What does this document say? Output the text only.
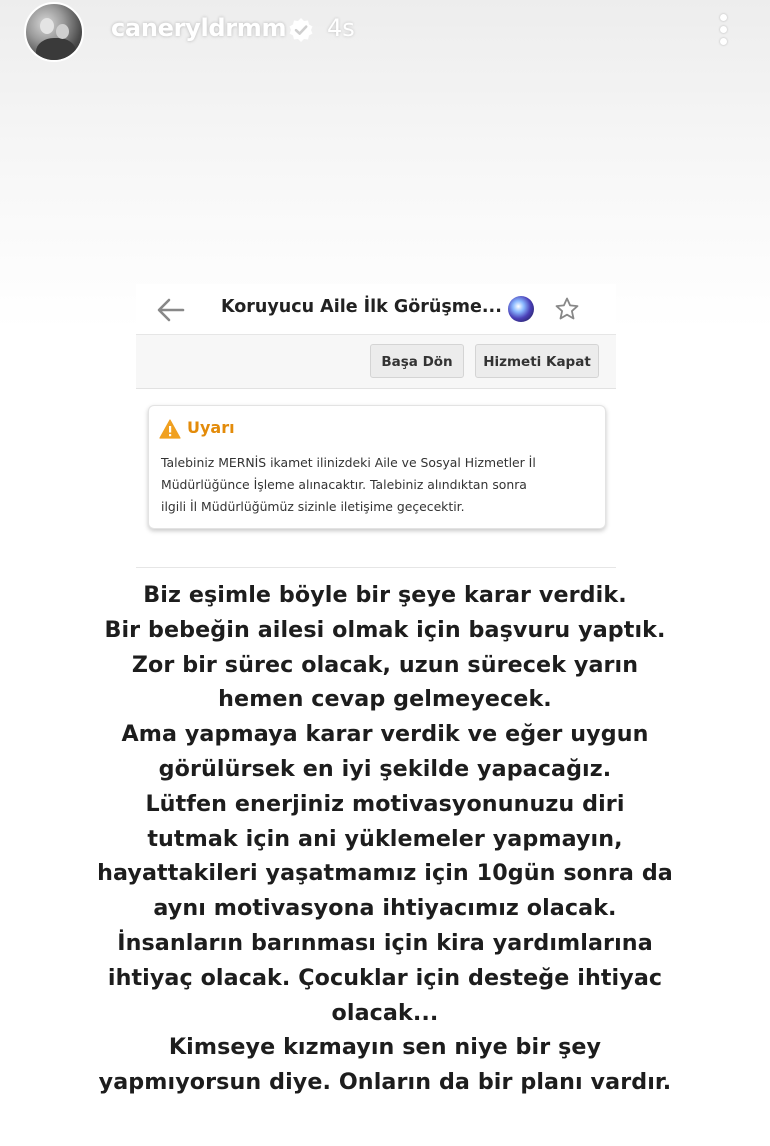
caneryldrmm 4s
Koruyucu Aile İlk Görüşme...
Başa Dön	Hizmeti Kapat
Uyarı
Talebiniz MERNİS ikamet ilinizdeki Aile ve Sosyal Hizmetler İl
Müdürlüğünce İşleme alınacaktır. Talebiniz alındıktan sonra
ilgili İl Müdürlüğümüz sizinle iletişime geçecektir.
Biz eşimle böyle bir şeye karar verdik.
Bir bebeğin ailesi olmak için başvuru yaptık.
Zor bir sürec olacak, uzun sürecek yarın
hemen cevap gelmeyecek.
Ama yapmaya karar verdik ve eğer uygun
görülürsek en iyi şekilde yapacağız.
Lütfen enerjiniz motivasyonunuzu diri
tutmak için ani yüklemeler yapmayın,
hayattakileri yaşatmamız için 10gün sonra da
aynı motivasyona ihtiyacımız olacak.
İnsanların barınması için kira yardımlarına
ihtiyaç olacak. Çocuklar için desteğe ihtiyac
olacak...
Kimseye kızmayın sen niye bir şey
yapmıyorsun diye. Onların da bir planı vardır.
